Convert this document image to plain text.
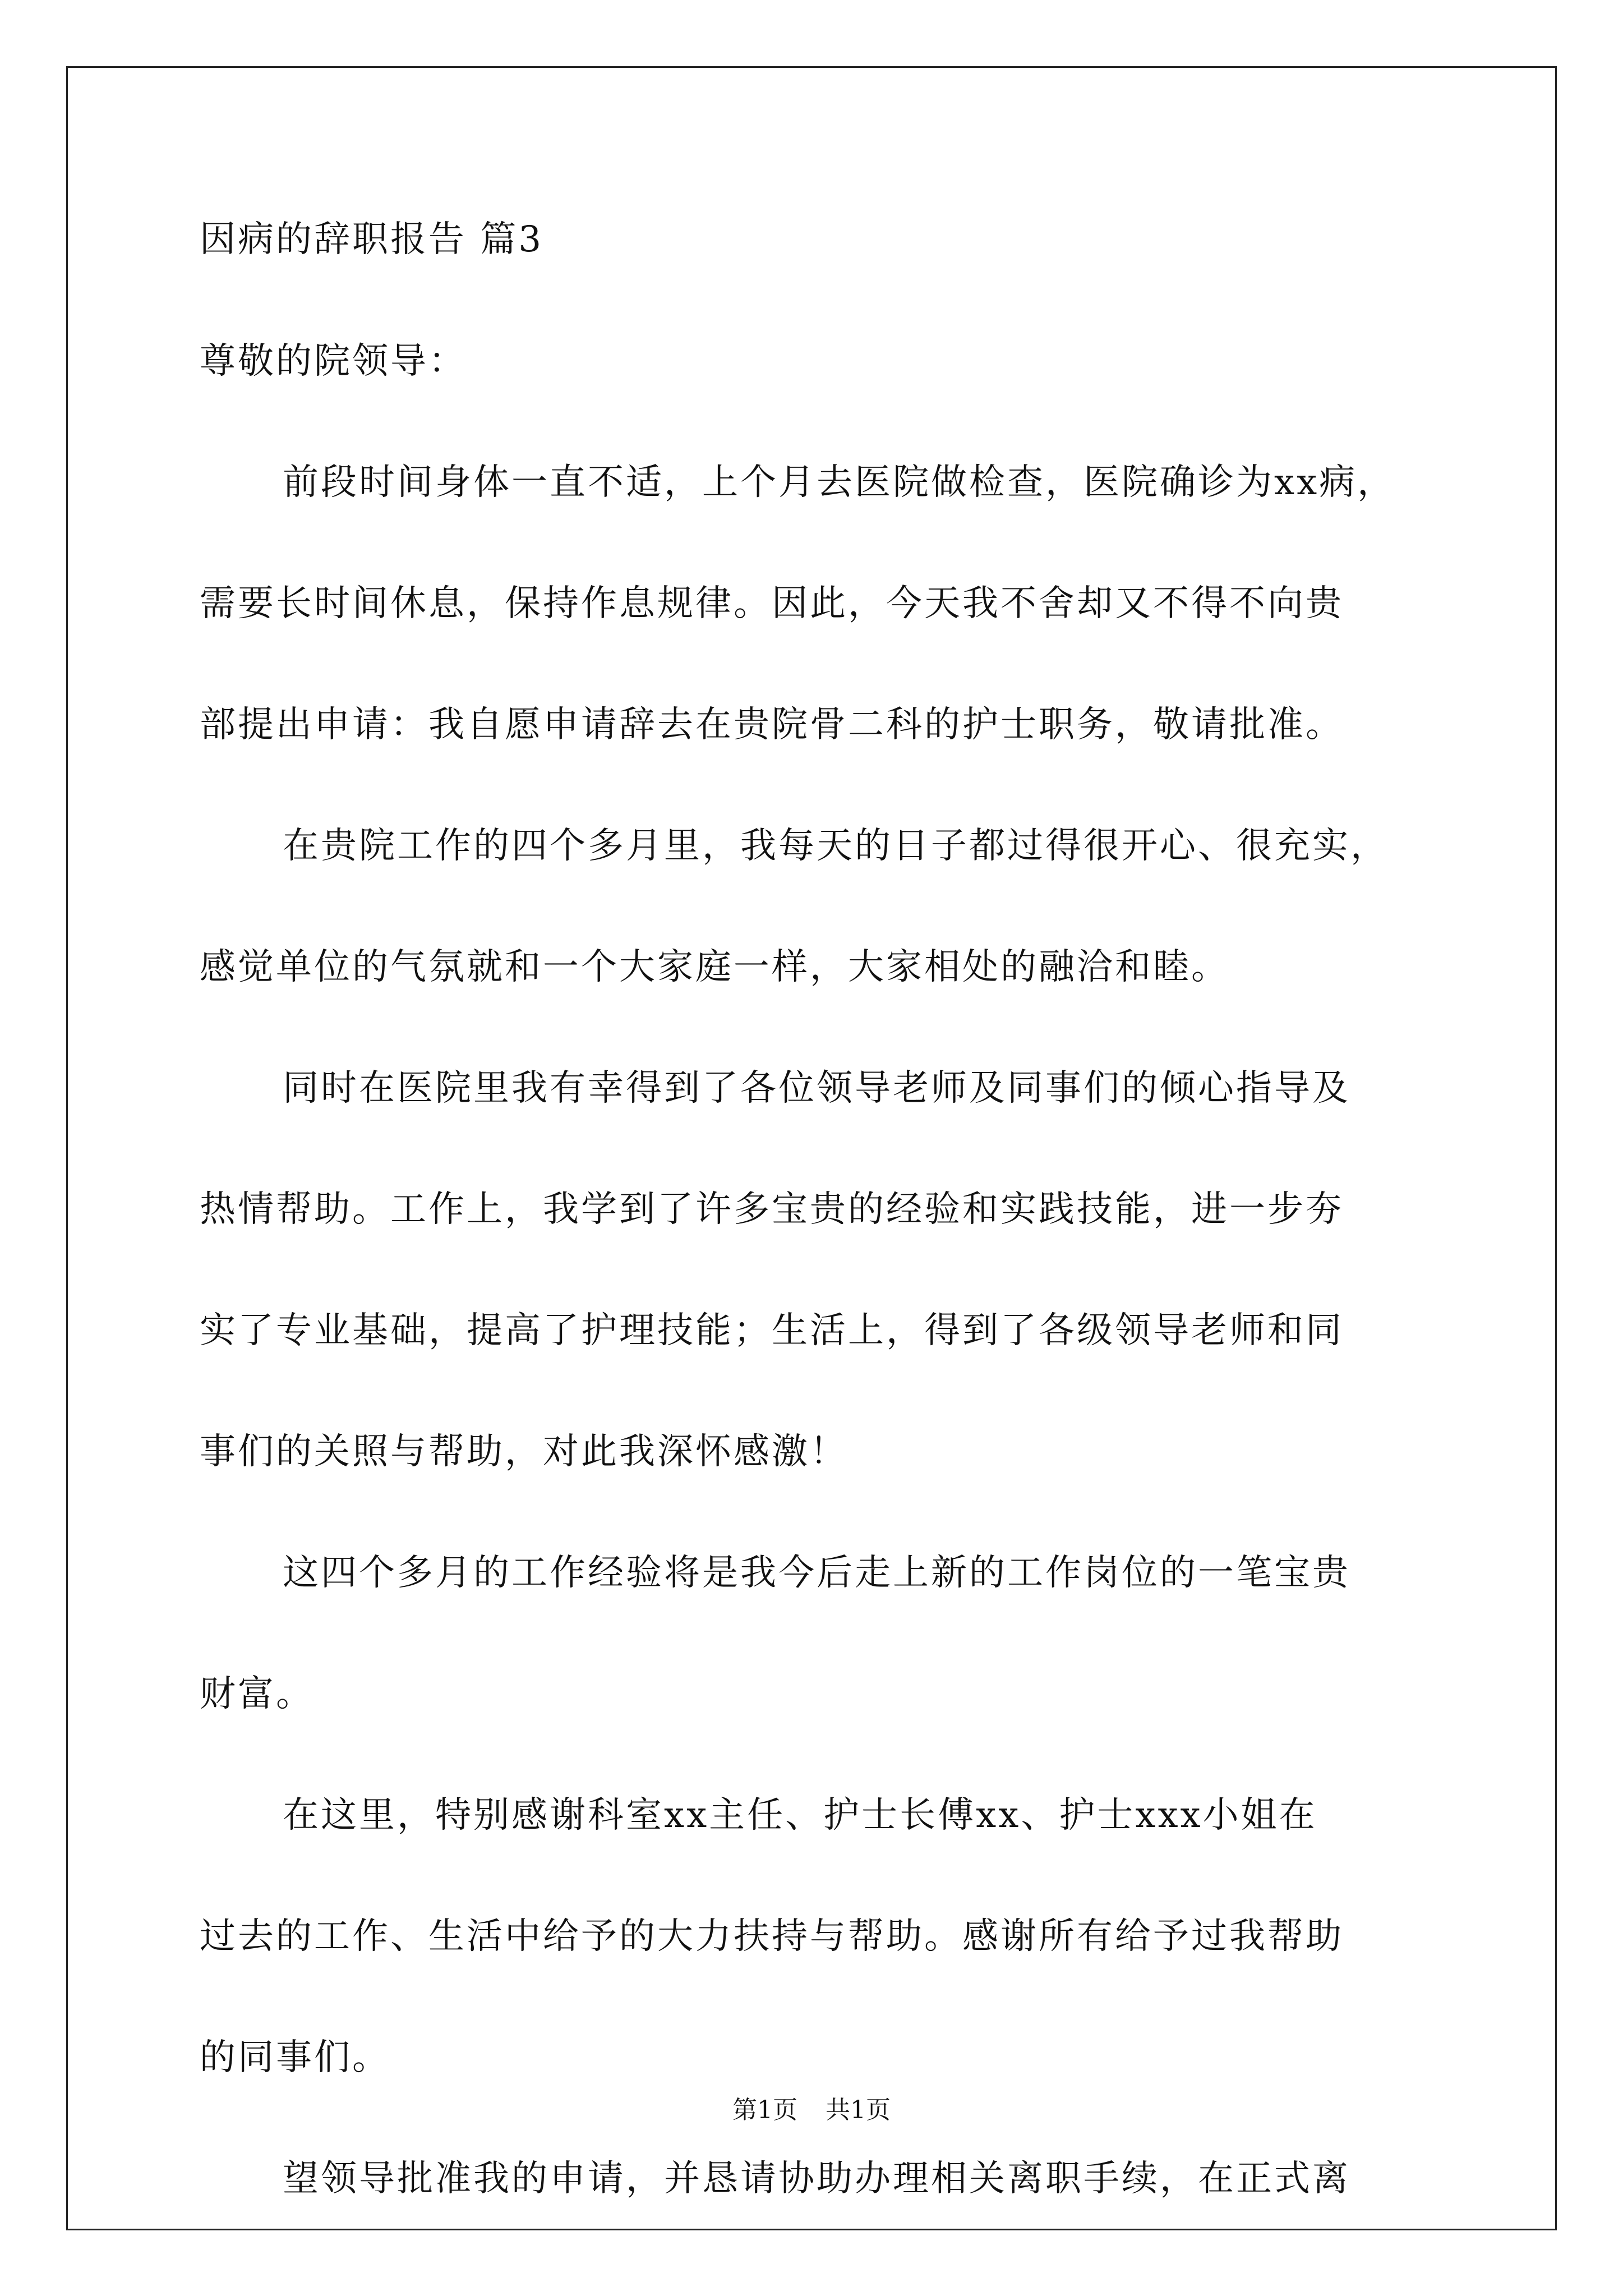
因病的辞职报告 篇3

尊敬的院领导：

前段时间身体一直不适，上个月去医院做检查，医院确诊为xx病，

需要长时间休息，保持作息规律。因此，今天我不舍却又不得不向贵

部提出申请：我自愿申请辞去在贵院骨二科的护士职务，敬请批准。

在贵院工作的四个多月里，我每天的日子都过得很开心、很充实，

感觉单位的气氛就和一个大家庭一样，大家相处的融洽和睦。

同时在医院里我有幸得到了各位领导老师及同事们的倾心指导及

热情帮助。工作上，我学到了许多宝贵的经验和实践技能，进一步夯

实了专业基础，提高了护理技能；生活上，得到了各级领导老师和同

事们的关照与帮助，对此我深怀感激！

这四个多月的工作经验将是我今后走上新的工作岗位的一笔宝贵

财富。

在这里，特别感谢科室xx主任、护士长傅xx、护士xxx小姐在

过去的工作、生活中给予的大力扶持与帮助。感谢所有给予过我帮助

的同事们。

望领导批准我的申请，并恳请协助办理相关离职手续，在正式离

第1页 共1页
